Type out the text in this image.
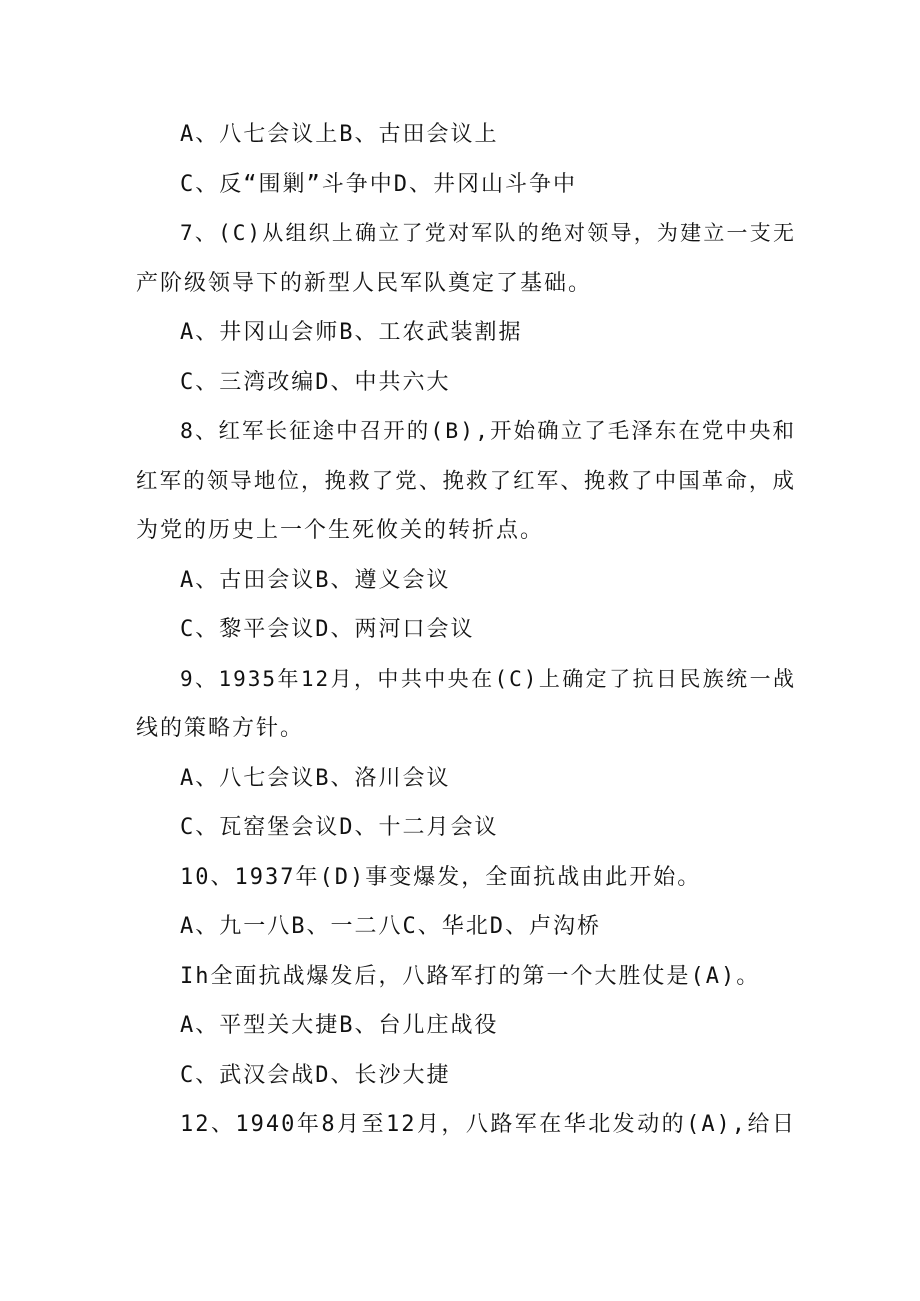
A、八七会议上B、古田会议上
C、反“围剿”斗争中D、井冈山斗争中
7、(C)从组织上确立了党对军队的绝对领导，为建立一支无
产阶级领导下的新型人民军队奠定了基础。
A、井冈山会师B、工农武装割据
C、三湾改编D、中共六大
8、红军长征途中召开的(B),开始确立了毛泽东在党中央和
红军的领导地位，挽救了党、挽救了红军、挽救了中国革命，成
为党的历史上一个生死攸关的转折点。
A、古田会议B、遵义会议
C、黎平会议D、两河口会议
9、1935年12月，中共中央在(C)上确定了抗日民族统一战
线的策略方针。
A、八七会议B、洛川会议
C、瓦窑堡会议D、十二月会议
10、1937年(D)事变爆发，全面抗战由此开始。
A、九一八B、一二八C、华北D、卢沟桥
Ih全面抗战爆发后，八路军打的第一个大胜仗是(A)。
A、平型关大捷B、台儿庄战役
C、武汉会战D、长沙大捷
12、1940年8月至12月，八路军在华北发动的(A),给日
